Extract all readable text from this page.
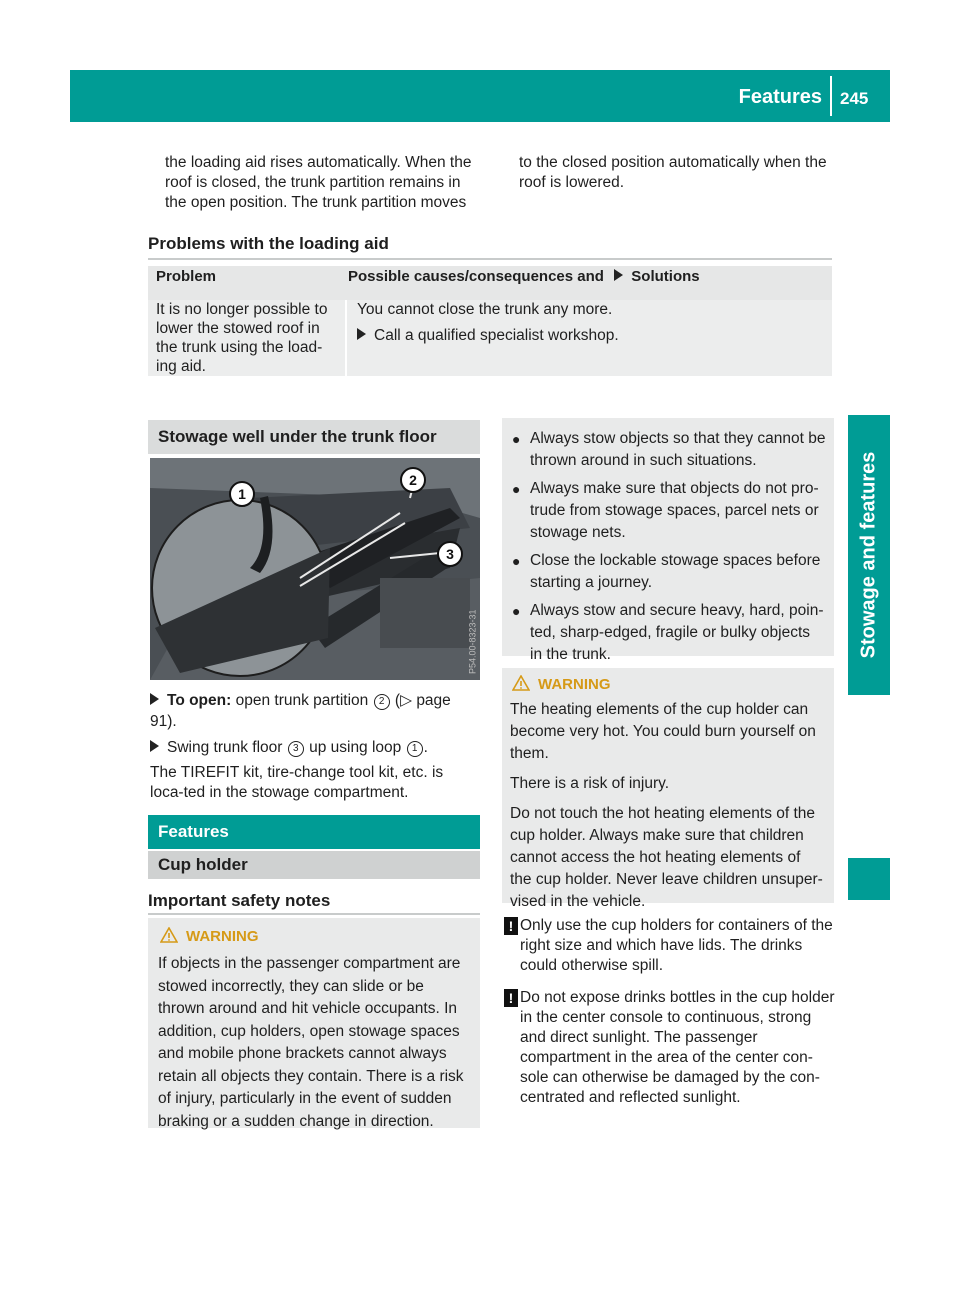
Features 245
Stowage and features

the loading aid rises automatically. When the roof is closed, the trunk partition remains in the open position. The trunk partition moves

to the closed position automatically when the roof is lowered.

Problems with the loading aid
Problem	Possible causes/consequences and Solutions
It is no longer possible to lower the stowed roof in the trunk using the load-ing aid.	You cannot close the trunk any more.
Call a qualified specialist workshop.
Stowage well under the trunk floor
1
2
3
P54.00-8323-31
To open: open trunk partition 2 (▷ page 91).
Swing trunk floor 3 up using loop 1 .

The TIREFIT kit, tire-change tool kit, etc. is loca-ted in the stowage compartment.

Features
Cup holder
Important safety notes
WARNING

If objects in the passenger compartment are stowed incorrectly, they can slide or be thrown around and hit vehicle occupants. In addition, cup holders, open stowage spaces and mobile phone brackets cannot always retain all objects they contain. There is a risk of injury, particularly in the event of sudden braking or a sudden change in direction.

● Always stow objects so that they cannot be thrown around in such situations.
● Always make sure that objects do not pro-trude from stowage spaces, parcel nets or stowage nets.
● Close the lockable stowage spaces before starting a journey.
● Always stow and secure heavy, hard, poin-ted, sharp-edged, fragile or bulky objects in the trunk.
WARNING

The heating elements of the cup holder can become very hot. You could burn yourself on them.

There is a risk of injury.

Do not touch the hot heating elements of the cup holder. Always make sure that children cannot access the hot heating elements of the cup holder. Never leave children unsuper-vised in the vehicle.

! Only use the cup holders for containers of the right size and which have lids. The drinks could otherwise spill.
! Do not expose drinks bottles in the cup holder in the center console to continuous, strong and direct sunlight. The passenger compartment in the area of the center con-sole can otherwise be damaged by the con-centrated and reflected sunlight.
